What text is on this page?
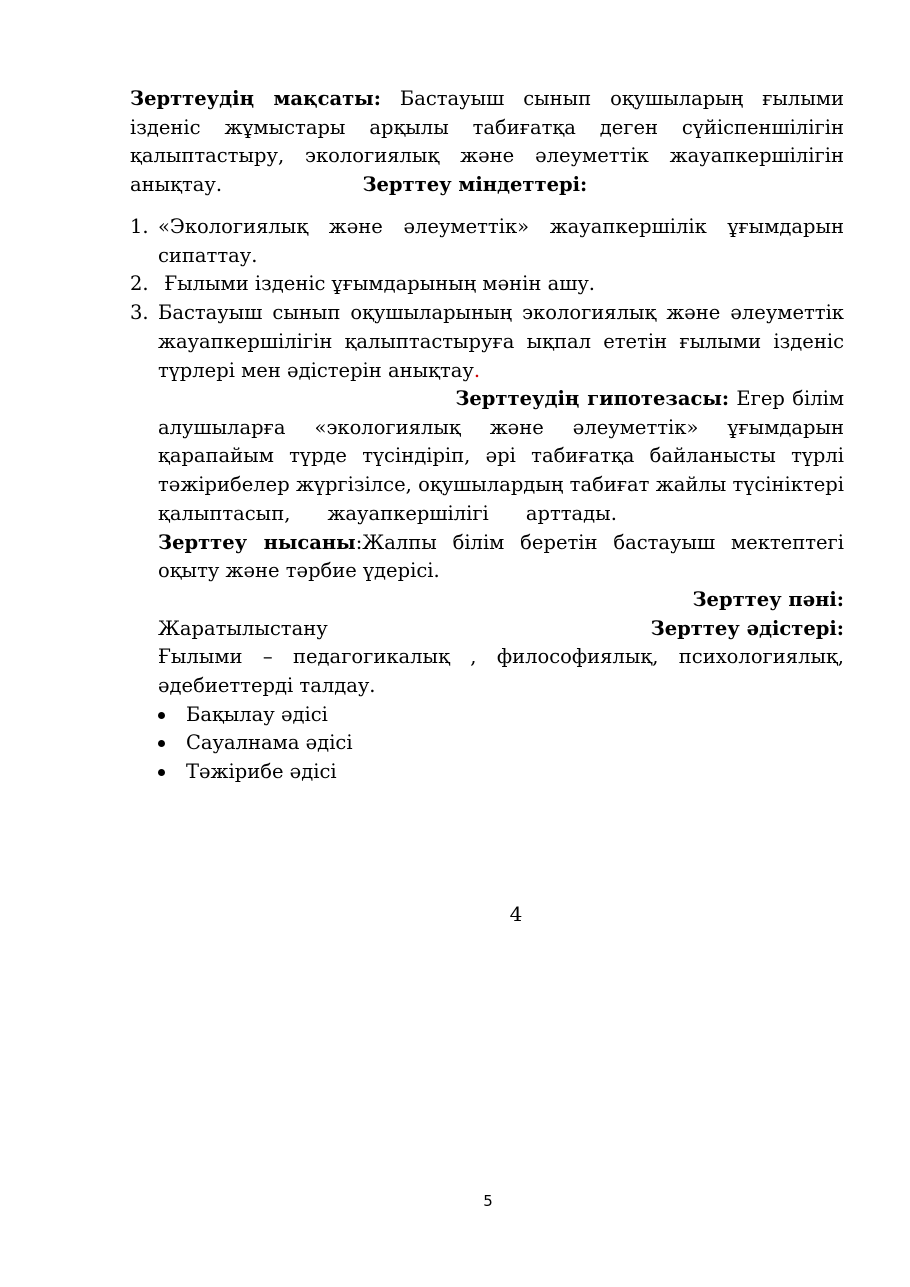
Зерттеудің мақсаты: Бастауыш сынып оқушыларың ғылыми ізденіс жұмыстары арқылы табиғатқа деген сүйіспеншілігін қалыптастыру, экологиялық және әлеуметтік жауапкершілігін анықтау.	Зерттеу міндеттері:
1. «Экологиялық және әлеуметтік» жауапкершілік ұғымдарын сипаттау.
2. Ғылыми ізденіс ұғымдарының мәнін ашу.
3. Бастауыш сынып оқушыларының экологиялық және әлеуметтік жауапкершілігін қалыптастыруға ықпал ететін ғылыми ізденіс түрлері мен әдістерін анықтау.
Зерттеудің гипотезасы: Егер білім алушыларға «экологиялық және әлеуметтік» ұғымдарын қарапайым түрде түсіндіріп, әрі табиғатқа байланысты түрлі тәжірибелер жүргізілсе, оқушылардың табиғат жайлы түсініктері қалыптасып, жауапкершілігі арттады.  Зерттеу нысаны:Жалпы білім беретін бастауыш мектептегі оқыту және тәрбие үдерісі.
Зерттеу пәні:
Жаратылыстану	Зерттеу әдістері:
Ғылыми – педагогикалық , философиялық, психологиялық, әдебиеттерді талдау.
Бақылау әдісі
Сауалнама әдісі
Тәжірибе әдісі
4
5
